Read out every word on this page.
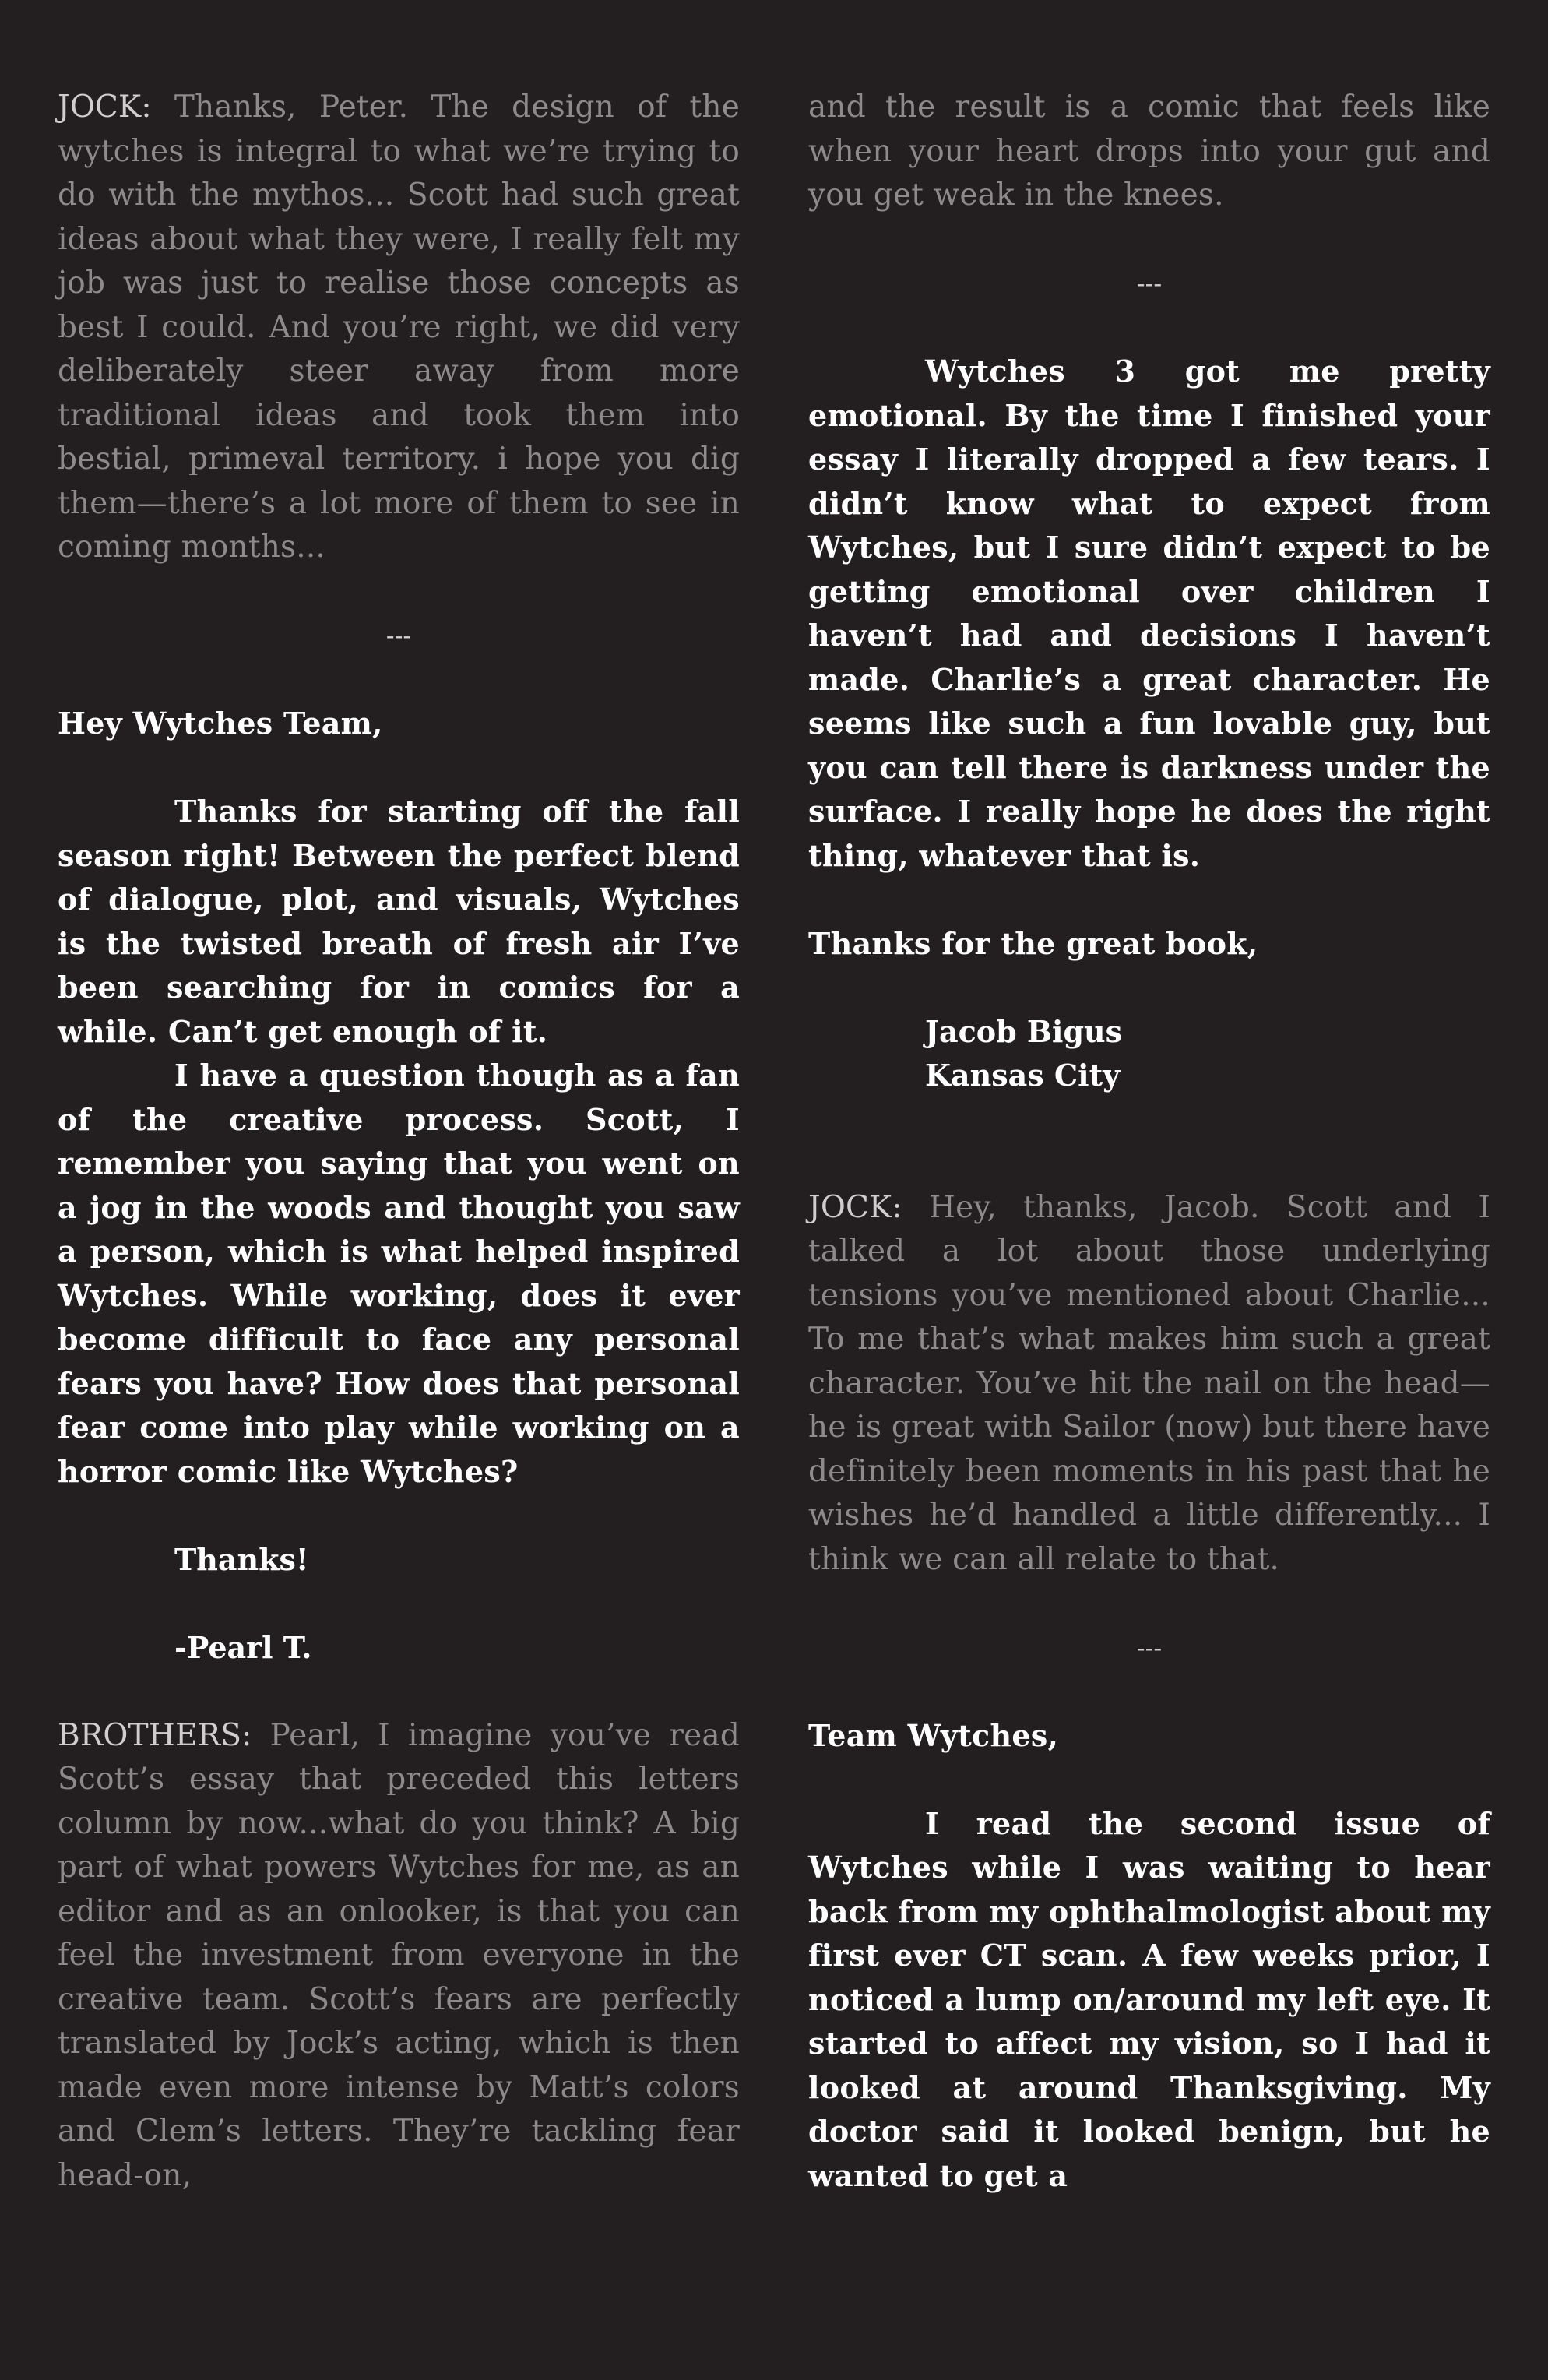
JOCK: Thanks, Peter. The design of the wytches is integral to what we’re trying to do with the mythos... Scott had such great ideas about what they were, I really felt my job was just to realise those concepts as best I could. And you’re right, we did very deliberately steer away from more traditional ideas and took them into bestial, primeval territory. i hope you dig them—there’s a lot more of them to see in coming months...

---

Hey Wytches Team,

Thanks for starting off the fall season right! Between the perfect blend of dialogue, plot, and visuals, Wytches is the twisted breath of fresh air I’ve been searching for in comics for a while. Can’t get enough of it.

I have a question though as a fan of the creative process. Scott, I remember you saying that you went on a jog in the woods and thought you saw a person, which is what helped inspired Wytches. While working, does it ever become difficult to face any personal fears you have? How does that personal fear come into play while working on a horror comic like Wytches?

Thanks!

-Pearl T.

BROTHERS: Pearl, I imagine you’ve read Scott’s essay that preceded this letters column by now...what do you think? A big part of what powers Wytches for me, as an editor and as an onlooker, is that you can feel the investment from everyone in the creative team. Scott’s fears are perfectly translated by Jock’s acting, which is then made even more intense by Matt’s colors and Clem’s letters. They’re tackling fear head-on,

and the result is a comic that feels like when your heart drops into your gut and you get weak in the knees.

---

Wytches 3 got me pretty emotional. By the time I finished your essay I literally dropped a few tears. I didn’t know what to expect from Wytches, but I sure didn’t expect to be getting emotional over children I haven’t had and decisions I haven’t made. Charlie’s a great character. He seems like such a fun lovable guy, but you can tell there is darkness under the surface. I really hope he does the right thing, whatever that is.

Thanks for the great book,

Jacob Bigus

Kansas City

JOCK: Hey, thanks, Jacob. Scott and I talked a lot about those underlying tensions you’ve mentioned about Charlie... To me that’s what makes him such a great character. You’ve hit the nail on the head—he is great with Sailor (now) but there have definitely been moments in his past that he wishes he’d handled a little differently... I think we can all relate to that.

---

Team Wytches,

I read the second issue of Wytches while I was waiting to hear back from my ophthalmologist about my first ever CT scan. A few weeks prior, I noticed a lump on/around my left eye. It started to affect my vision, so I had it looked at around Thanksgiving. My doctor said it looked benign, but he wanted to get a
